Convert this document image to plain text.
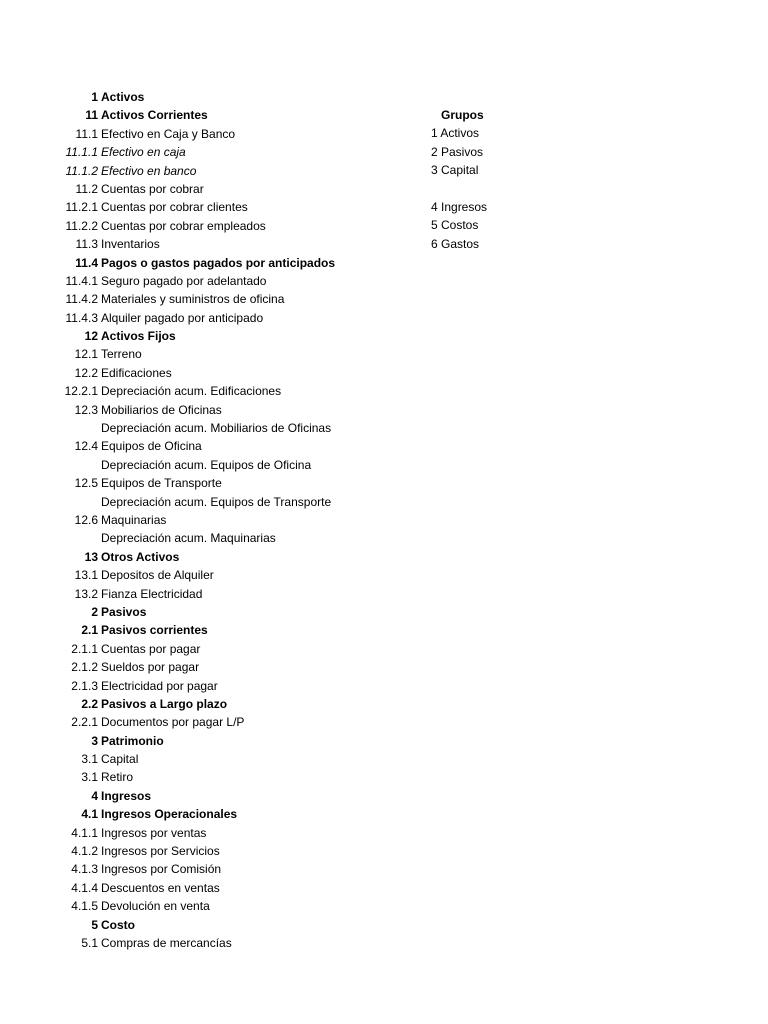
1 Activos
11 Activos Corrientes
11.1 Efectivo en Caja y Banco
11.1.1 Efectivo en caja
11.1.2 Efectivo en banco
11.2 Cuentas por cobrar
11.2.1 Cuentas por cobrar clientes
11.2.2 Cuentas por cobrar empleados
11.3 Inventarios
11.4 Pagos o gastos pagados por anticipados
11.4.1 Seguro pagado por adelantado
11.4.2 Materiales y suministros de oficina
11.4.3 Alquiler pagado por anticipado
12 Activos Fijos
12.1 Terreno
12.2 Edificaciones
12.2.1 Depreciación acum. Edificaciones
12.3 Mobiliarios de Oficinas
Depreciación acum. Mobiliarios de Oficinas
12.4 Equipos de Oficina
Depreciación acum. Equipos de Oficina
12.5 Equipos de Transporte
Depreciación acum. Equipos de Transporte
12.6 Maquinarias
Depreciación acum. Maquinarias
13 Otros Activos
13.1 Depositos de Alquiler
13.2 Fianza Electricidad
2 Pasivos
2.1 Pasivos corrientes
2.1.1 Cuentas por pagar
2.1.2 Sueldos por pagar
2.1.3 Electricidad por pagar
2.2 Pasivos a Largo plazo
2.2.1 Documentos por pagar L/P
3 Patrimonio
3.1 Capital
3.1 Retiro
4 Ingresos
4.1 Ingresos Operacionales
4.1.1 Ingresos por ventas
4.1.2 Ingresos por Servicios
4.1.3 Ingresos por Comisión
4.1.4 Descuentos en ventas
4.1.5 Devolución en venta
5 Costo
5.1 Compras de mercancías
Grupos
1 Activos
2 Pasivos
3 Capital
4 Ingresos
5 Costos
6 Gastos
